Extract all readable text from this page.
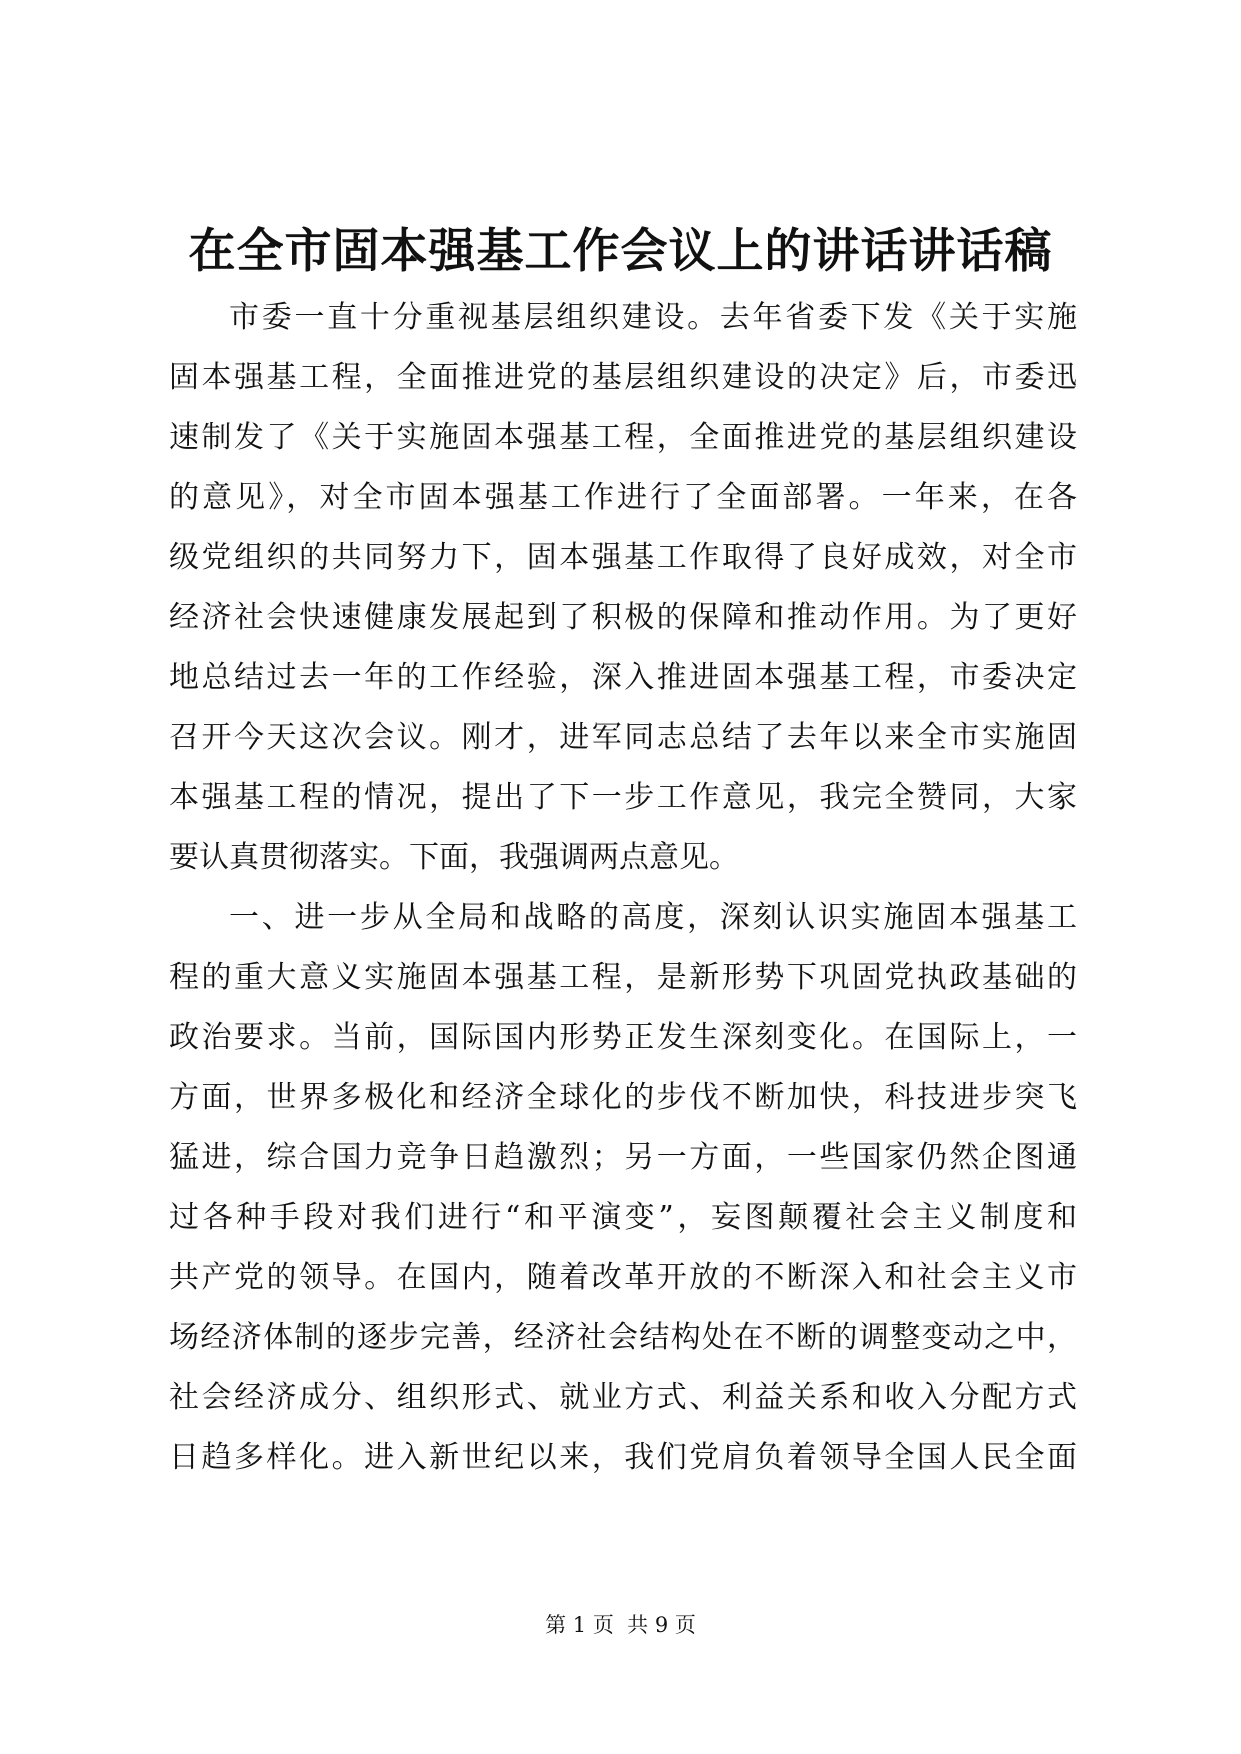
在全市固本强基工作会议上的讲话讲话稿
市委一直十分重视基层组织建设。去年省委下发《关于实施
固本强基工程，全面推进党的基层组织建设的决定》后，市委迅
速制发了《关于实施固本强基工程，全面推进党的基层组织建设
的意见》，对全市固本强基工作进行了全面部署。一年来，在各
级党组织的共同努力下，固本强基工作取得了良好成效，对全市
经济社会快速健康发展起到了积极的保障和推动作用。为了更好
地总结过去一年的工作经验，深入推进固本强基工程，市委决定
召开今天这次会议。刚才，进军同志总结了去年以来全市实施固
本强基工程的情况，提出了下一步工作意见，我完全赞同，大家
要认真贯彻落实。下面，我强调两点意见。
一、进一步从全局和战略的高度，深刻认识实施固本强基工
程的重大意义实施固本强基工程，是新形势下巩固党执政基础的
政治要求。当前，国际国内形势正发生深刻变化。在国际上，一
方面，世界多极化和经济全球化的步伐不断加快，科技进步突飞
猛进，综合国力竞争日趋激烈；另一方面，一些国家仍然企图通
过各种手段对我们进行“和平演变”，妄图颠覆社会主义制度和
共产党的领导。在国内，随着改革开放的不断深入和社会主义市
场经济体制的逐步完善，经济社会结构处在不断的调整变动之中，
社会经济成分、组织形式、就业方式、利益关系和收入分配方式
日趋多样化。进入新世纪以来，我们党肩负着领导全国人民全面
第 1 页  共 9 页
